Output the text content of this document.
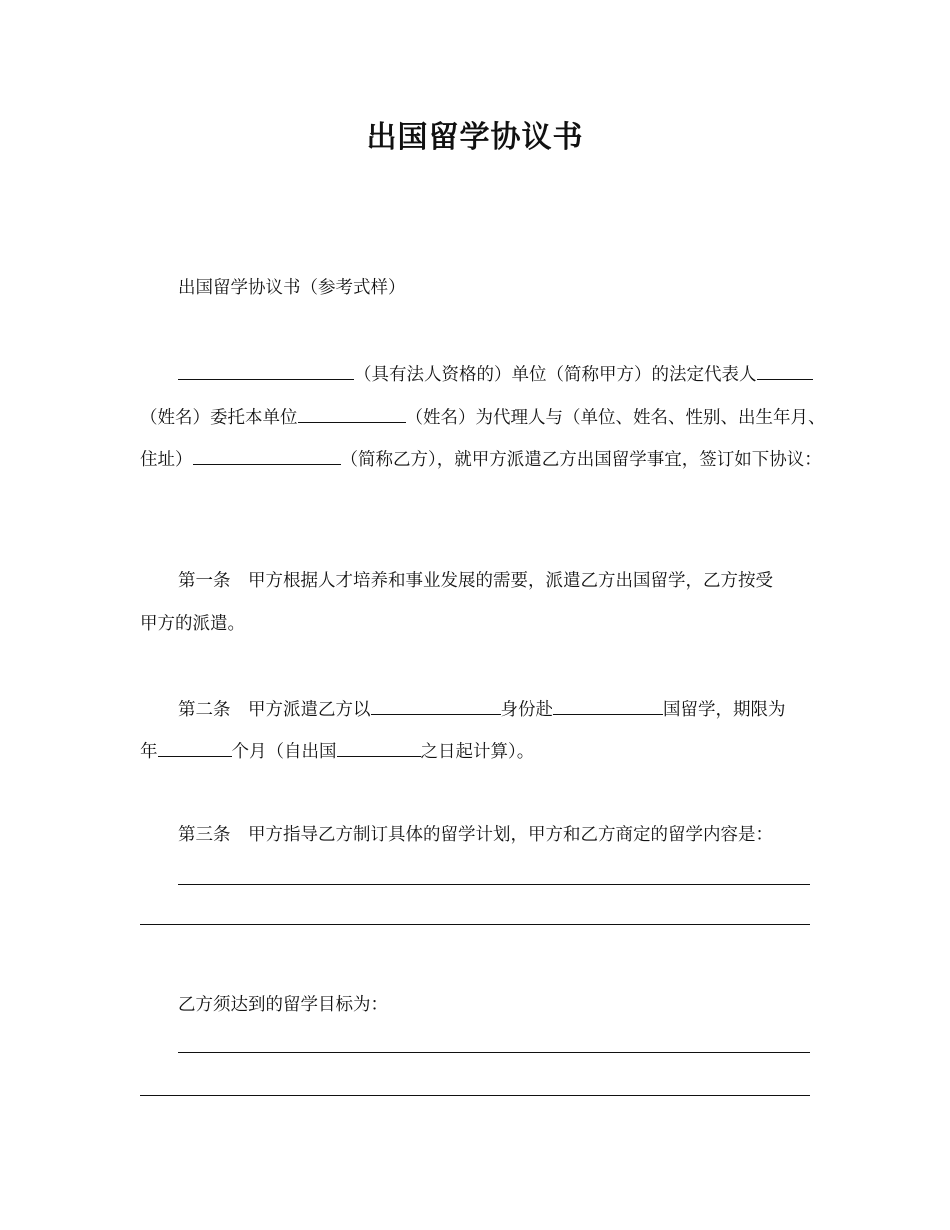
出国留学协议书
出国留学协议书（参考式样）
（具有法人资格的）单位（简称甲方）的法定代表人
（姓名）委托本单位	（姓名）为代理人与（单位、姓名、性别、出生年月、
住址）	（简称乙方），就甲方派遣乙方出国留学事宜，签订如下协议：
第一条　甲方根据人才培养和事业发展的需要，派遣乙方出国留学，乙方按受
甲方的派遣。
第二条　甲方派遣乙方以	身份赴	国留学，期限为
年	个月（自出国	之日起计算）。
第三条　甲方指导乙方制订具体的留学计划，甲方和乙方商定的留学内容是：
乙方须达到的留学目标为：
